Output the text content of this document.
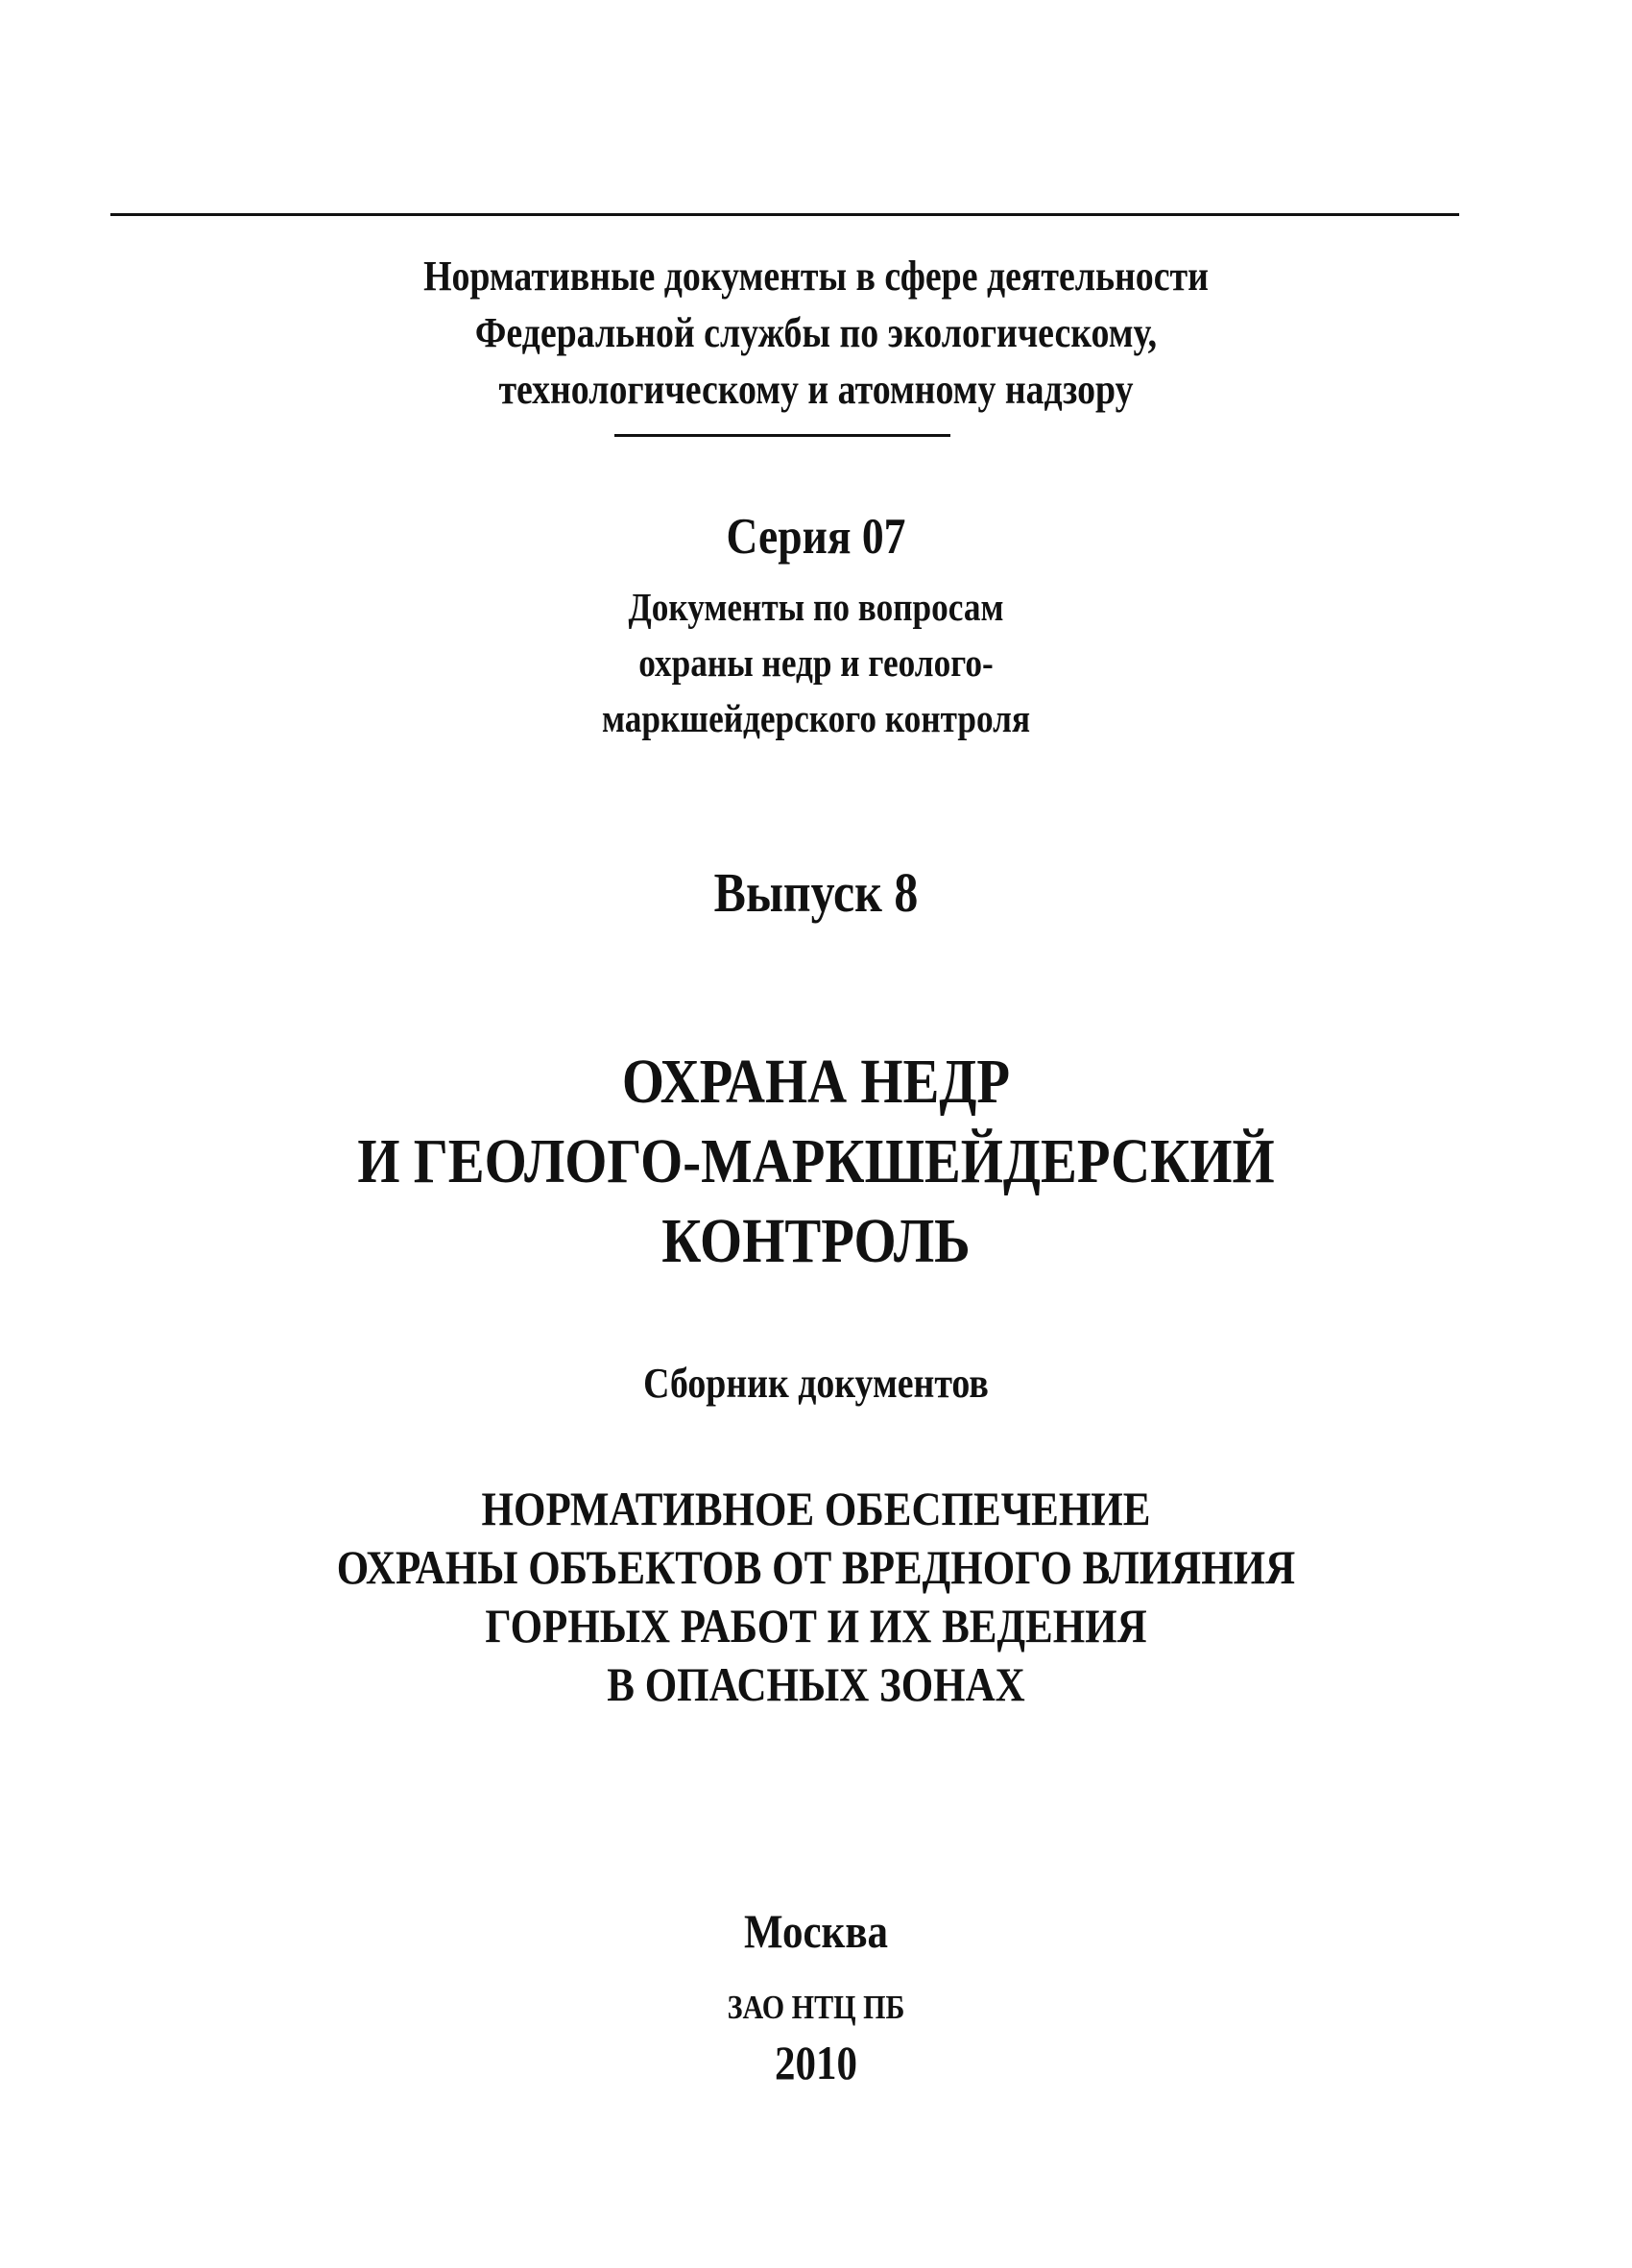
Нормативные документы в сфере деятельности
Федеральной службы по экологическому,
технологическому и атомному надзору
Серия 07
Документы по вопросам
охраны недр и геолого-
маркшейдерского контроля
Выпуск 8
ОХРАНА НЕДР
И ГЕОЛОГО-МАРКШЕЙДЕРСКИЙ
КОНТРОЛЬ
Сборник документов
НОРМАТИВНОЕ ОБЕСПЕЧЕНИЕ
ОХРАНЫ ОБЪЕКТОВ ОТ ВРЕДНОГО ВЛИЯНИЯ
ГОРНЫХ РАБОТ И ИХ ВЕДЕНИЯ
В ОПАСНЫХ ЗОНАХ
Москва
ЗАО НТЦ ПБ
2010
